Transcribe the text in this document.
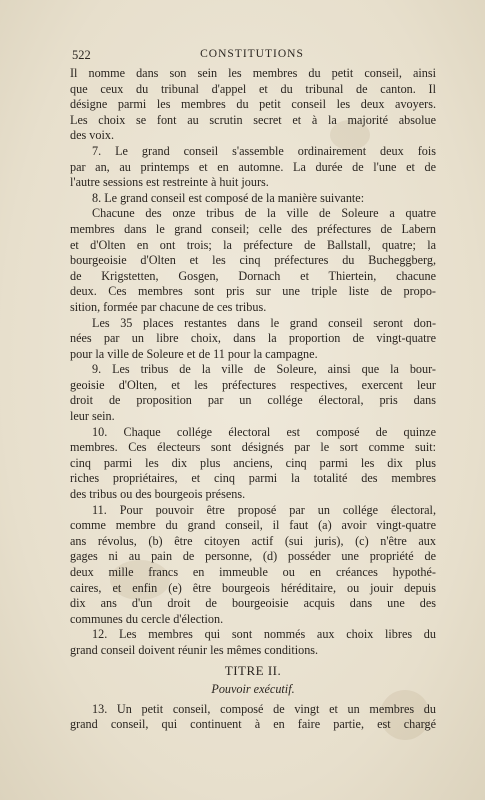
522	CONSTITUTIONS
Il nomme dans son sein les membres du petit conseil, ainsi
que ceux du tribunal d'appel et du tribunal de canton. Il
désigne parmi les membres du petit conseil les deux avoyers.
Les choix se font au scrutin secret et à la majorité absolue
des voix.
7. Le grand conseil s'assemble ordinairement deux fois
par an, au printemps et en automne. La durée de l'une et de
l'autre sessions est restreinte à huit jours.
8. Le grand conseil est composé de la manière suivante:
Chacune des onze tribus de la ville de Soleure a quatre
membres dans le grand conseil; celle des préfectures de Labern
et d'Olten en ont trois; la préfecture de Ballstall, quatre; la
bourgeoisie d'Olten et les cinq préfectures du Bucheggberg,
de Krigstetten, Gosgen, Dornach et Thiertein, chacune
deux. Ces membres sont pris sur une triple liste de propo-
sition, formée par chacune de ces tribus.
Les 35 places restantes dans le grand conseil seront don-
nées par un libre choix, dans la proportion de vingt-quatre
pour la ville de Soleure et de 11 pour la campagne.
9. Les tribus de la ville de Soleure, ainsi que la bour-
geoisie d'Olten, et les préfectures respectives, exercent leur
droit de proposition par un collége électoral, pris dans
leur sein.
10. Chaque collége électoral est composé de quinze
membres. Ces électeurs sont désignés par le sort comme suit:
cinq parmi les dix plus anciens, cinq parmi les dix plus
riches propriétaires, et cinq parmi la totalité des membres
des tribus ou des bourgeois présens.
11. Pour pouvoir être proposé par un collége électoral,
comme membre du grand conseil, il faut (a) avoir vingt-quatre
ans révolus, (b) être citoyen actif (sui juris), (c) n'être aux
gages ni au pain de personne, (d) posséder une propriété de
deux mille francs en immeuble ou en créances hypothé-
caires, et enfin (e) être bourgeois héréditaire, ou jouir depuis
dix ans d'un droit de bourgeoisie acquis dans une des
communes du cercle d'élection.
12. Les membres qui sont nommés aux choix libres du
grand conseil doivent réunir les mêmes conditions.
TITRE II.
Pouvoir exécutif.
13. Un petit conseil, composé de vingt et un membres du
grand conseil, qui continuent à en faire partie, est chargé
